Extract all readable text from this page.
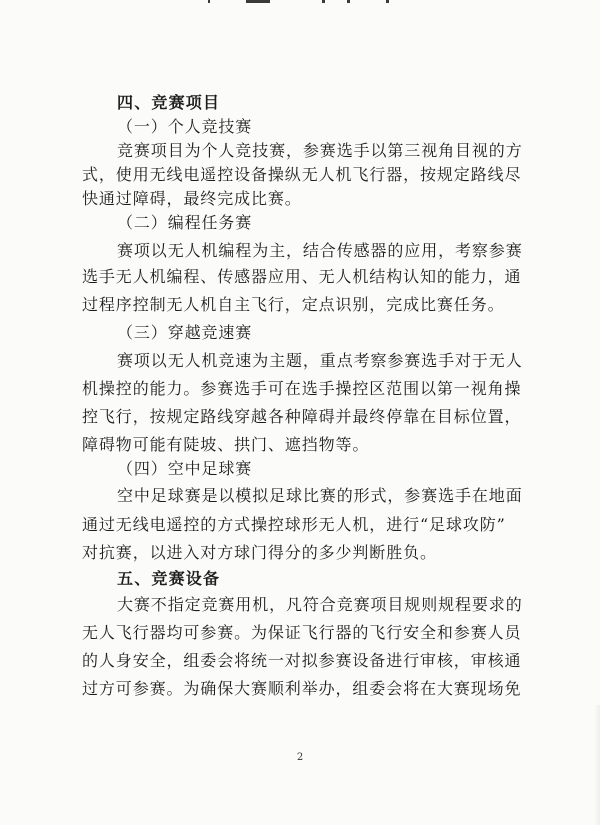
四、竞赛项目
（一）个人竞技赛
竞赛项目为个人竞技赛，参赛选手以第三视角目视的方
式，使用无线电遥控设备操纵无人机飞行器，按规定路线尽
快通过障碍，最终完成比赛。
（二）编程任务赛
赛项以无人机编程为主，结合传感器的应用，考察参赛
选手无人机编程、传感器应用、无人机结构认知的能力，通
过程序控制无人机自主飞行，定点识别，完成比赛任务。
（三）穿越竞速赛
赛项以无人机竞速为主题，重点考察参赛选手对于无人
机操控的能力。参赛选手可在选手操控区范围以第一视角操
控飞行，按规定路线穿越各种障碍并最终停靠在目标位置，
障碍物可能有陡坡、拱门、遮挡物等。
（四）空中足球赛
空中足球赛是以模拟足球比赛的形式，参赛选手在地面
通过无线电遥控的方式操控球形无人机，进行“足球攻防”
对抗赛，以进入对方球门得分的多少判断胜负。
五、竞赛设备
大赛不指定竞赛用机，凡符合竞赛项目规则规程要求的
无人飞行器均可参赛。为保证飞行器的飞行安全和参赛人员
的人身安全，组委会将统一对拟参赛设备进行审核，审核通
过方可参赛。为确保大赛顺利举办，组委会将在大赛现场免
2
